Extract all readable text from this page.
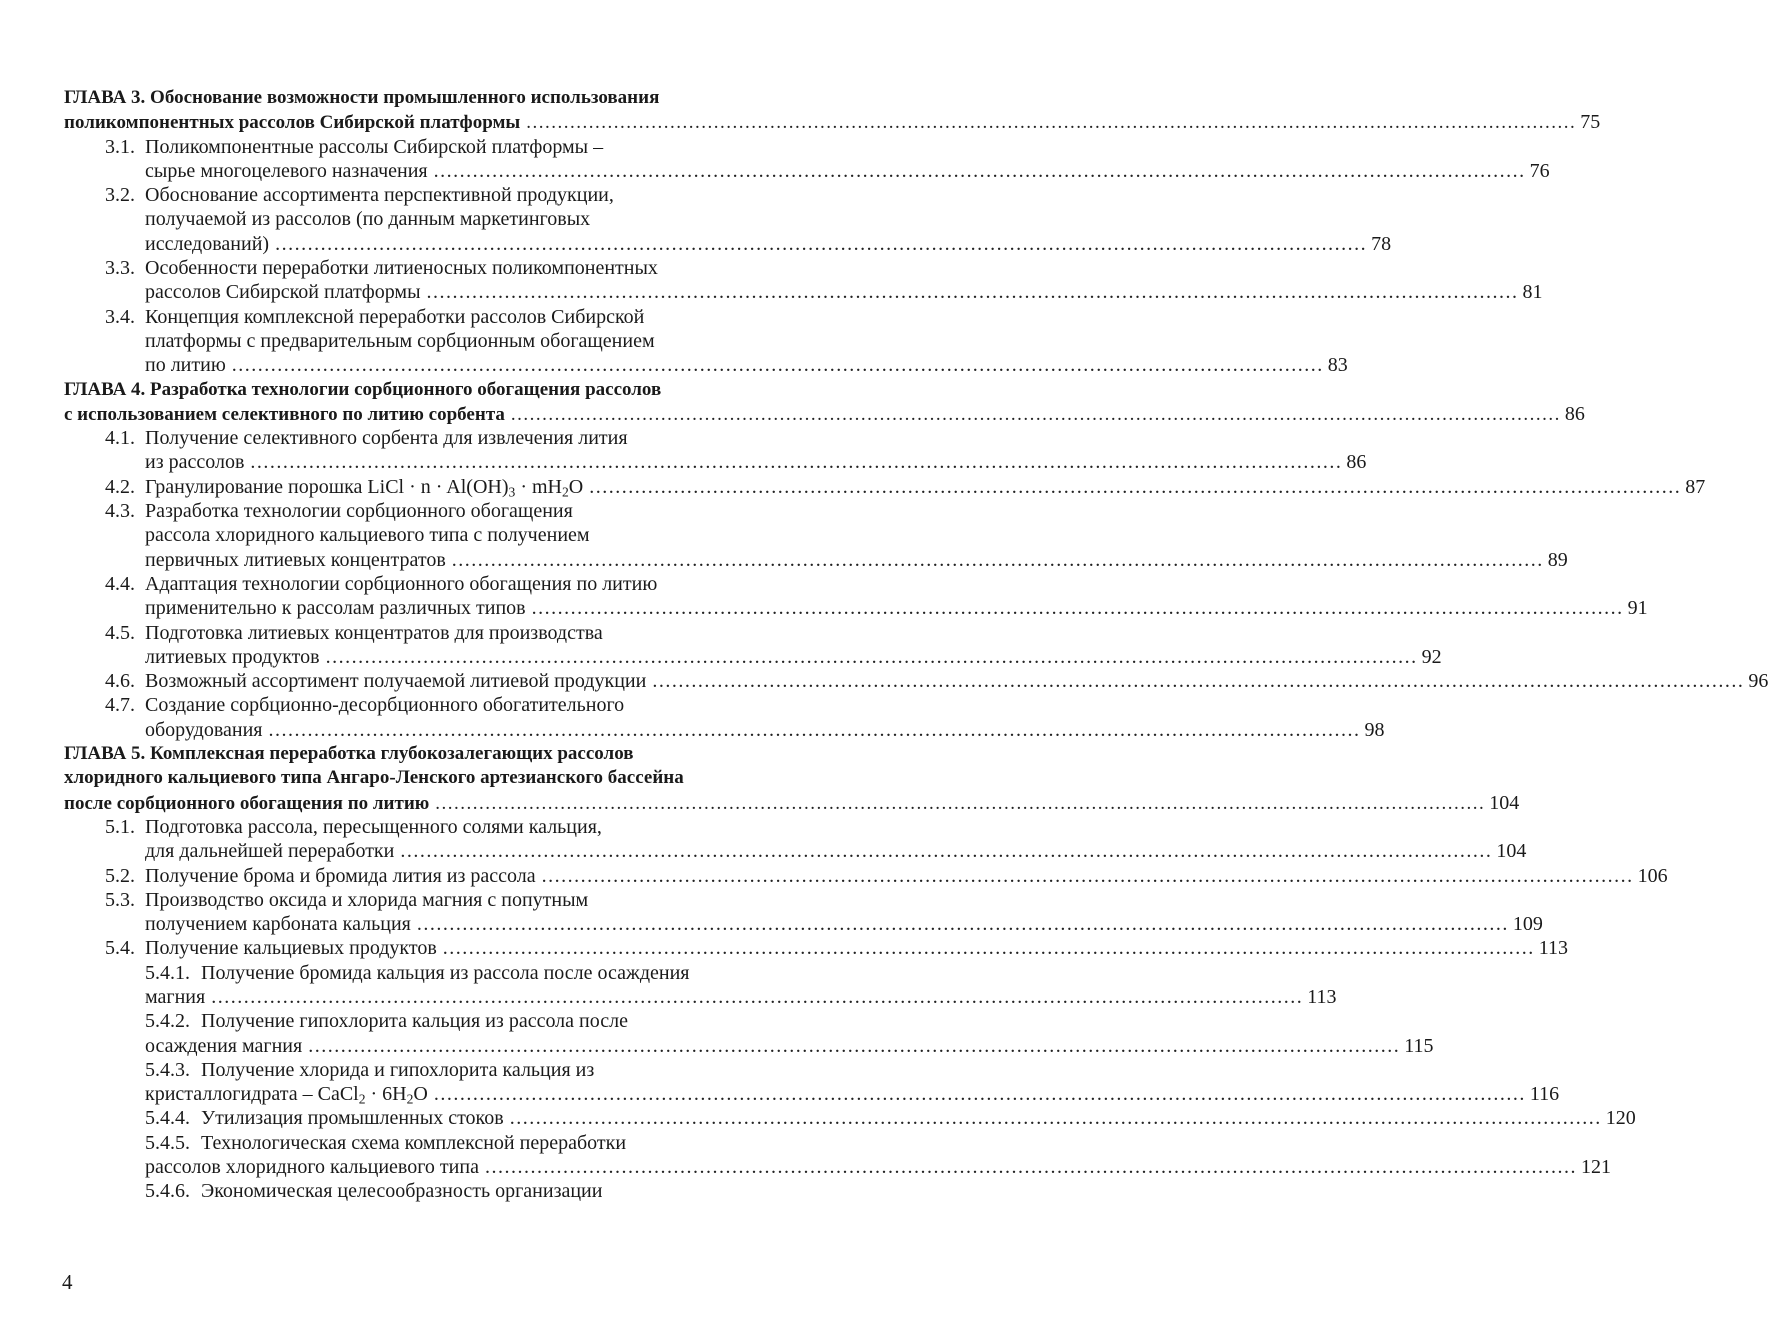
ГЛАВА 3. Обоснование возможности промышленного использования
поликомпонентных рассолов Сибирской платформы ........................................................................................................................................................................ 75
3.1. Поликомпонентные рассолы Сибирской платформы –
сырье многоцелевого назначения ........................................................................................................................................................................ 76
3.2. Обоснование ассортимента перспективной продукции,
получаемой из рассолов (по данным маркетинговых
исследований) ........................................................................................................................................................................ 78
3.3. Особенности переработки литиеносных поликомпонентных
рассолов Сибирской платформы ........................................................................................................................................................................ 81
3.4. Концепция комплексной переработки рассолов Сибирской
платформы с предварительным сорбционным обогащением
по литию ........................................................................................................................................................................ 83
ГЛАВА 4. Разработка технологии сорбционного обогащения рассолов
с использованием селективного по литию сорбента ........................................................................................................................................................................ 86
4.1. Получение селективного сорбента для извлечения лития
из рассолов ........................................................................................................................................................................ 86
4.2. Гранулирование порошка LiCl · $n \cdot Al(OH)_3 \cdot mH_2O$ ........................................................................................................................................................................ 87
4.3. Разработка технологии сорбционного обогащения
рассола хлоридного кальциевого типа с получением
первичных литиевых концентратов ........................................................................................................................................................................ 89
4.4. Адаптация технологии сорбционного обогащения по литию
применительно к рассолам различных типов ........................................................................................................................................................................ 91
4.5. Подготовка литиевых концентратов для производства
литиевых продуктов ........................................................................................................................................................................ 92
4.6. Возможный ассортимент получаемой литиевой продукции ........................................................................................................................................................................ 96
4.7. Создание сорбционно-десорбционного обогатительного
оборудования ........................................................................................................................................................................ 98
ГЛАВА 5. Комплексная переработка глубокозалегающих рассолов
хлоридного кальциевого типа Ангаро-Ленского артезианского бассейна
после сорбционного обогащения по литию ........................................................................................................................................................................ 104
5.1. Подготовка рассола, пересыщенного солями кальция,
для дальнейшей переработки ........................................................................................................................................................................ 104
5.2. Получение брома и бромида лития из рассола ........................................................................................................................................................................ 106
5.3. Производство оксида и хлорида магния с попутным
получением карбоната кальция ........................................................................................................................................................................ 109
5.4. Получение кальциевых продуктов ........................................................................................................................................................................ 113
5.4.1. Получение бромида кальция из рассола после осаждения
магния ........................................................................................................................................................................ 113
5.4.2. Получение гипохлорита кальция из рассола после
осаждения магния ........................................................................................................................................................................ 115
5.4.3. Получение хлорида и гипохлорита кальция из
кристаллогидрата – CaCl$_2$ · $6H_2O$ ........................................................................................................................................................................ 116
5.4.4. Утилизация промышленных стоков ........................................................................................................................................................................ 120
5.4.5. Технологическая схема комплексной переработки
рассолов хлоридного кальциевого типа ........................................................................................................................................................................ 121
5.4.6. Экономическая целесообразность организации
4
